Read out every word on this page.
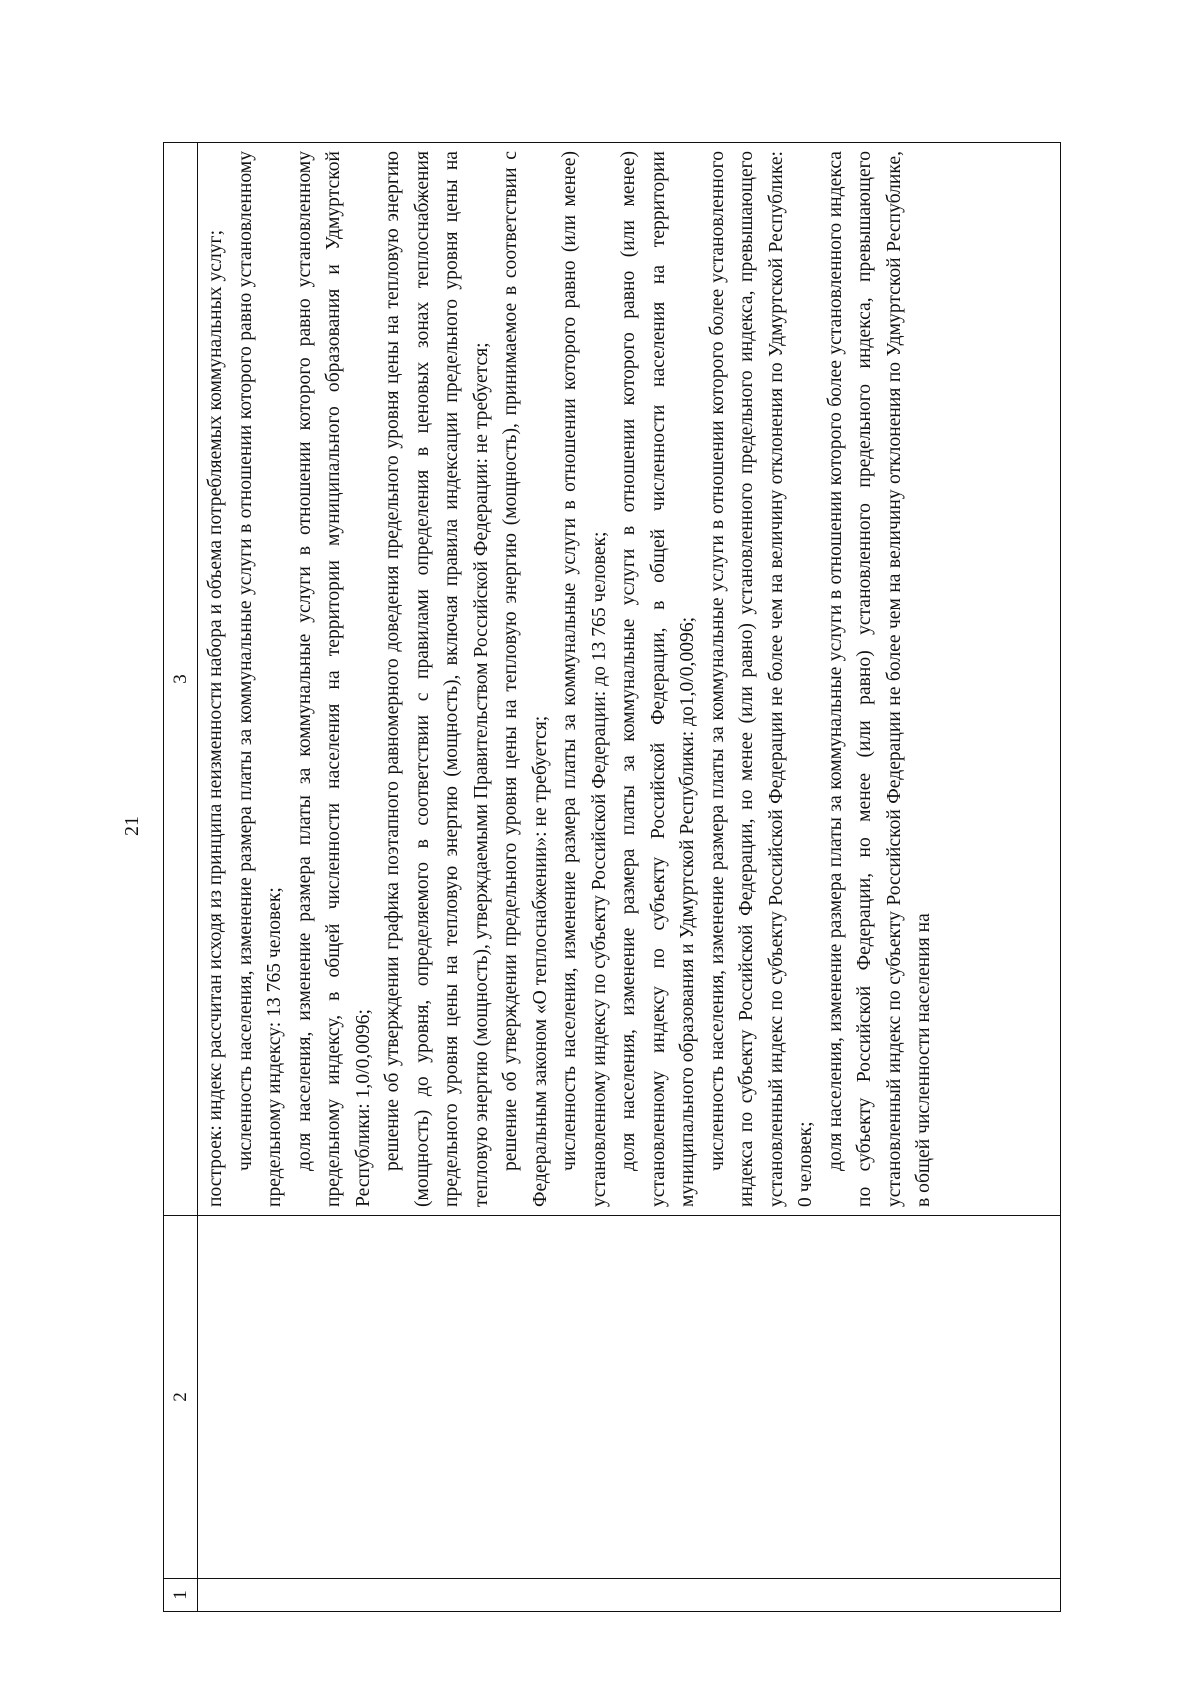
21
1
2
3 построек: индекс рассчитан исходя из принципа неизменности набора и объема потребляемых коммунальных услуг; численность населения, изменение размера платы за коммунальные услуги в отношении которого равно установленному предельному индексу: 13 765 человек; доля населения, изменение размера платы за коммунальные услуги в отношении которого равно установленному предельному индексу, в общей численности населения на территории муниципального образования и Удмуртской Республики: 1,0/0,0096; решение об утверждении графика поэтапного равномерного доведения предельного уровня цены на тепловую энергию (мощность) до уровня, определяемого в соответствии с правилами определения в ценовых зонах теплоснабжения предельного уровня цены на тепловую энергию (мощность), включая правила индексации предельного уровня цены на тепловую энергию (мощность), утверждаемыми Правительством Российской Федерации: не требуется; решение об утверждении предельного уровня цены на тепловую энергию (мощность), принимаемое в соответствии с Федеральным законом «О теплоснабжении»: не требуется; численность населения, изменение размера платы за коммунальные услуги в отношении которого равно (или менее) установленному индексу по субъекту Российской Федерации: до 13 765 человек; доля населения, изменение размера платы за коммунальные услуги в отношении которого равно (или менее) установленному индексу по субъекту Российской Федерации, в общей численности населения на территории муниципального образования и Удмуртской Республики: до1,0/0,0096; численность населения, изменение размера платы за коммунальные услуги в отношении которого более установленного индекса по субъекту Российской Федерации, но менее (или равно) установленного предельного индекса, превышающего установленный индекс по субъекту Российской Федерации не более чем на величину отклонения по Удмуртской Республике: 0 человек; доля населения, изменение размера платы за коммунальные услуги в отношении которого более установленного индекса по субъекту Российской Федерации, но менее (или равно) установленного предельного индекса, превышающего установленный индекс по субъекту Российской Федерации не более чем на величину отклонения по Удмуртской Республике, в общей численности населения на
